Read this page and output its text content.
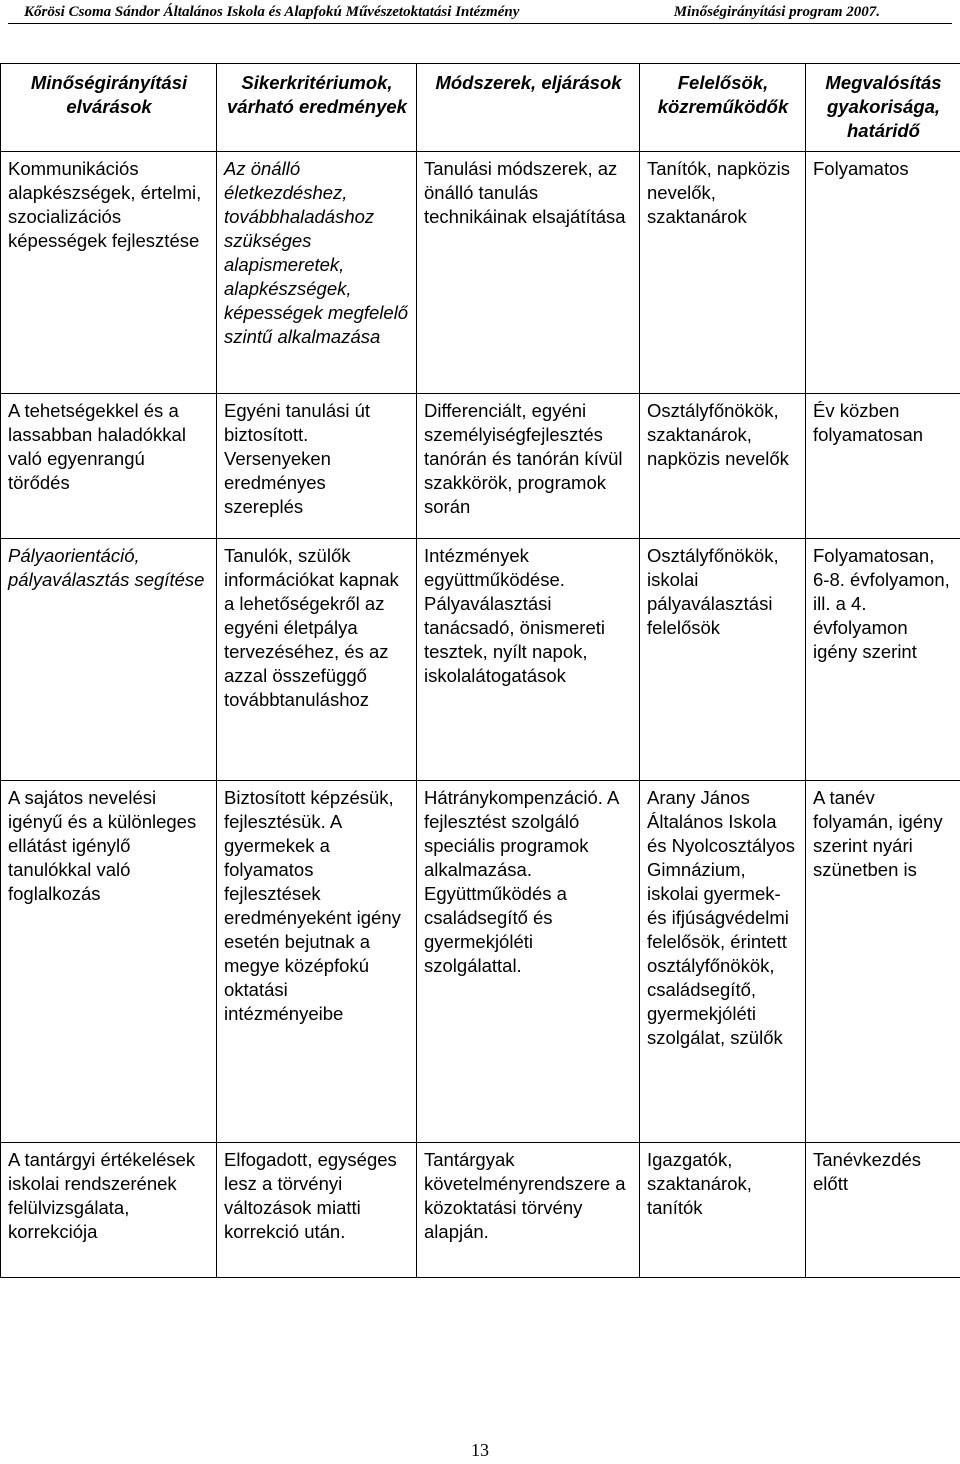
Kőrösi Csoma Sándor Általános Iskola és Alapfokú Művészetoktatási Intézmény	Minőségirányítási program 2007.
Minőségirányítási elvárások	Sikerkritériumok, várható eredmények	Módszerek, eljárások	Felelősök, közreműködők	Megvalósítás gyakorisága, határidő
Kommunikációs alapkészségek, értelmi, szocializációs képességek fejlesztése	Az önálló életkezdéshez, továbbhaladáshoz szükséges alapismeretek, alapkészségek, képességek megfelelő szintű alkalmazása	Tanulási módszerek, az önálló tanulás technikáinak elsajátítása	Tanítók, napközis nevelők, szaktanárok	Folyamatos
A tehetségekkel és a lassabban haladókkal való egyenrangú törődés	Egyéni tanulási út biztosított. Versenyeken eredményes szereplés	Differenciált, egyéni személyiségfejlesztés tanórán és tanórán kívül szakkörök, programok során	Osztályfőnökök, szaktanárok, napközis nevelők	Év közben folyamatosan
Pályaorientáció, pályaválasztás segítése	Tanulók, szülők információkat kapnak a lehetőségekről az egyéni életpálya tervezéséhez, és az azzal összefüggő továbbtanuláshoz	Intézmények együttműködése. Pályaválasztási tanácsadó, önismereti tesztek, nyílt napok, iskolalátogatások	Osztályfőnökök, iskolai pályaválasztási felelősök	Folyamatosan, 6-8. évfolyamon, ill. a 4. évfolyamon igény szerint
A sajátos nevelési igényű és a különleges ellátást igénylő tanulókkal való foglalkozás	Biztosított képzésük, fejlesztésük. A gyermekek a folyamatos fejlesztések eredményeként igény esetén bejutnak a megye középfokú oktatási intézményeibe	Hátránykompenzáció. A fejlesztést szolgáló speciális programok alkalmazása. Együttműködés a családsegítő és gyermekjóléti szolgálattal.	Arany János Általános Iskola és Nyolcosztályos Gimnázium, iskolai gyermek- és ifjúságvédelmi felelősök, érintett osztályfőnökök, családsegítő, gyermekjóléti szolgálat, szülők	A tanév folyamán, igény szerint nyári szünetben is
A tantárgyi értékelések iskolai rendszerének felülvizsgálata, korrekciója	Elfogadott, egységes lesz a törvényi változások miatti korrekció után.	Tantárgyak követelményrendszere a közoktatási törvény alapján.	Igazgatók, szaktanárok, tanítók	Tanévkezdés előtt
13
